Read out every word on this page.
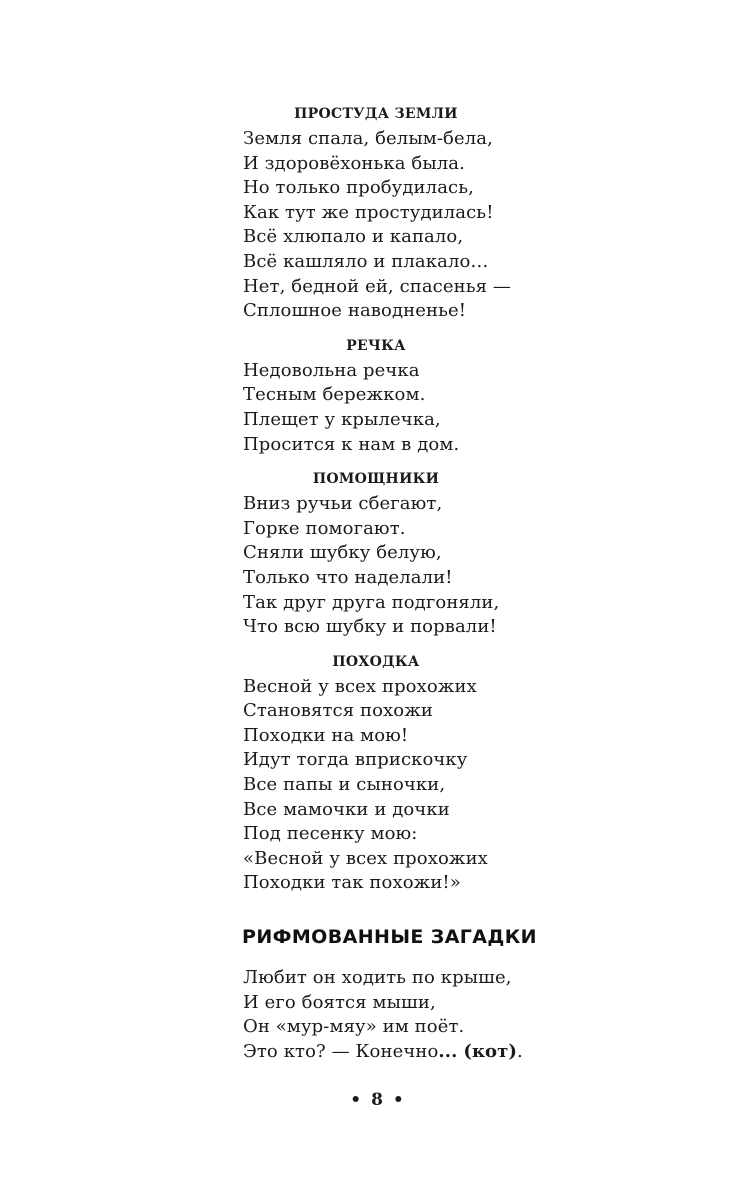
ПРОСТУДА ЗЕМЛИ
Земля спала, белым-бела,
И здоровёхонька была.
Но только пробудилась,
Как тут же простудилась!
Всё хлюпало и капало,
Всё кашляло и плакало…
Нет, бедной ей, спасенья —
Сплошное наводненье!
РЕЧКА
Недовольна речка
Тесным бережком.
Плещет у крылечка,
Просится к нам в дом.
ПОМОЩНИКИ
Вниз ручьи сбегают,
Горке помогают.
Сняли шубку белую,
Только что наделали!
Так друг друга подгоняли,
Что всю шубку и порвали!
ПОХОДКА
Весной у всех прохожих
Становятся похожи
Походки на мою!
Идут тогда вприскочку
Все папы и сыночки,
Все мамочки и дочки
Под песенку мою:
«Весной у всех прохожих
Походки так похожи!»
РИФМОВАННЫЕ ЗАГАДКИ
Любит он ходить по крыше,
И его боятся мыши,
Он «мур-мяу» им поёт.
Это кто? — Конечно... (кот).
• 8 •
